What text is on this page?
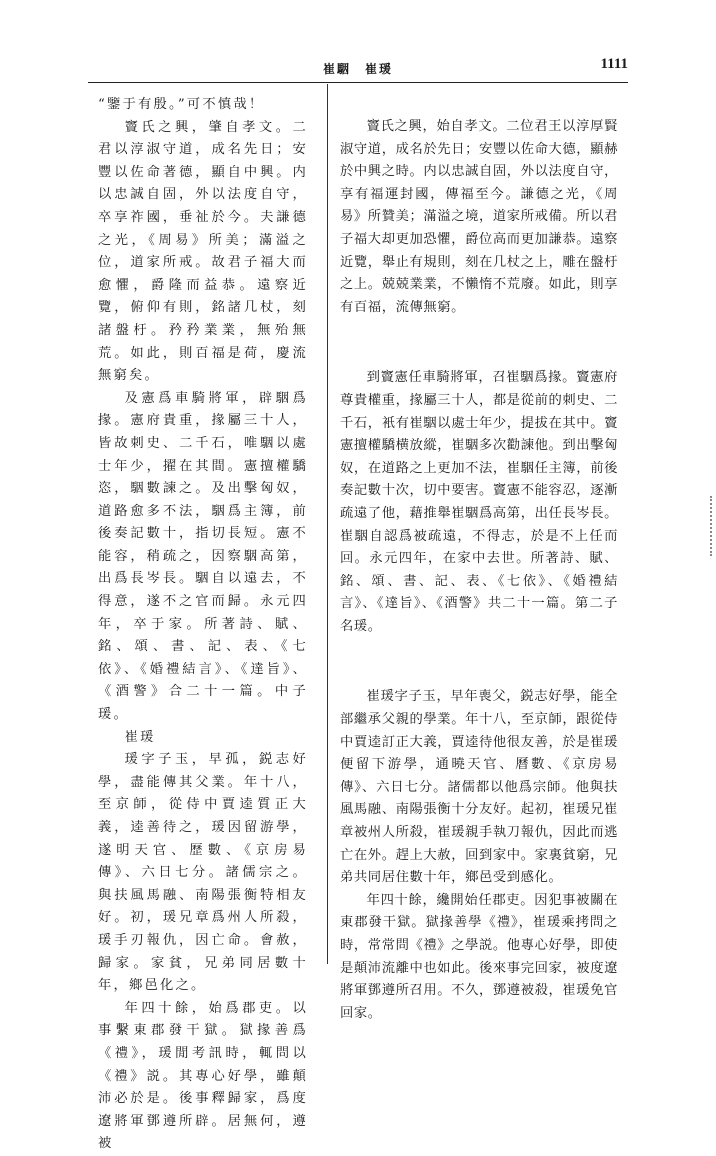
崔駰　崔瑗	1111

“鑒于有殷。”可不慎哉！

竇氏之興，肇自孝文。二君以淳淑守道，成名先日；安豐以佐命著德，顯自中興。内以忠誠自固，外以法度自守，卒享祚國，垂祉於今。夫謙德之光，《周易》所美；滿溢之位，道家所戒。故君子福大而愈懼，爵隆而益恭。遠察近覽，俯仰有則，銘諸几杖，刻諸盤杅。矜矜業業，無殆無荒。如此，則百福是荷，慶流無窮矣。

及憲爲車騎將軍，辟駰爲掾。憲府貴重，掾屬三十人，皆故刺史、二千石，唯駰以處士年少，擢在其間。憲擅權驕恣，駰數諫之。及出擊匈奴，道路愈多不法，駰爲主簿，前後奏記數十，指切長短。憲不能容，稍疏之，因察駰高第，出爲長岑長。駰自以遠去，不得意，遂不之官而歸。永元四年，卒于家。所著詩、賦、銘、頌、書、記、表、《七依》、《婚禮結言》、《達旨》、《酒警》合二十一篇。中子瑗。

崔瑗

瑗字子玉，早孤，鋭志好學，盡能傳其父業。年十八，至京師，從侍中賈逵質正大義，逵善待之，瑗因留游學，遂明天官、歷數、《京房易傳》、六日七分。諸儒宗之。與扶風馬融、南陽張衡特相友好。初，瑗兄章爲州人所殺，瑗手刃報仇，因亡命。會赦，歸家。家貧，兄弟同居數十年，鄉邑化之。

年四十餘，始爲郡吏。以事繫東郡發干獄。獄掾善爲《禮》，瑗閒考訊時，輒問以《禮》説。其專心好學，雖顛沛必於是。後事釋歸家，爲度遼將軍鄧遵所辟。居無何，遵被

竇氏之興，始自孝文。二位君王以淳厚賢淑守道，成名於先日；安豐以佐命大德，顯赫於中興之時。内以忠誠自固，外以法度自守，享有福運封國，傳福至今。謙德之光，《周易》所贊美；滿溢之境，道家所戒備。所以君子福大却更加恐懼，爵位高而更加謙恭。遠察近覽，舉止有規則，刻在几杖之上，雕在盤杅之上。兢兢業業，不懶惰不荒廢。如此，則享有百福，流傳無窮。

到竇憲任車騎將軍，召崔駰爲掾。竇憲府尊貴權重，掾屬三十人，都是從前的刺史、二千石，衹有崔駰以處士年少，提拔在其中。竇憲擅權驕横放縱，崔駰多次勸諫他。到出擊匈奴，在道路之上更加不法，崔駰任主簿，前後奏記數十次，切中要害。竇憲不能容忍，逐漸疏遠了他，藉推舉崔駰爲高第，出任長岑長。崔駰自認爲被疏遠，不得志，於是不上任而回。永元四年，在家中去世。所著詩、賦、銘、頌、書、記、表、《七依》、《婚禮結言》、《達旨》、《酒警》共二十一篇。第二子名瑗。

崔瑗字子玉，早年喪父，鋭志好學，能全部繼承父親的學業。年十八，至京師，跟從侍中賈逵訂正大義，賈逵待他很友善，於是崔瑗便留下游學，通曉天官、曆數、《京房易傳》、六日七分。諸儒都以他爲宗師。他與扶風馬融、南陽張衡十分友好。起初，崔瑗兄崔章被州人所殺，崔瑗親手執刀報仇，因此而逃亡在外。趕上大赦，回到家中。家裏貧窮，兄弟共同居住數十年，鄉邑受到感化。

年四十餘，纔開始任郡吏。因犯事被關在東郡發干獄。獄掾善學《禮》，崔瑗乘拷問之時，常常問《禮》之學説。他專心好學，即使是顛沛流離中也如此。後來事完回家，被度遼將軍鄧遵所召用。不久，鄧遵被殺，崔瑗免官回家。
